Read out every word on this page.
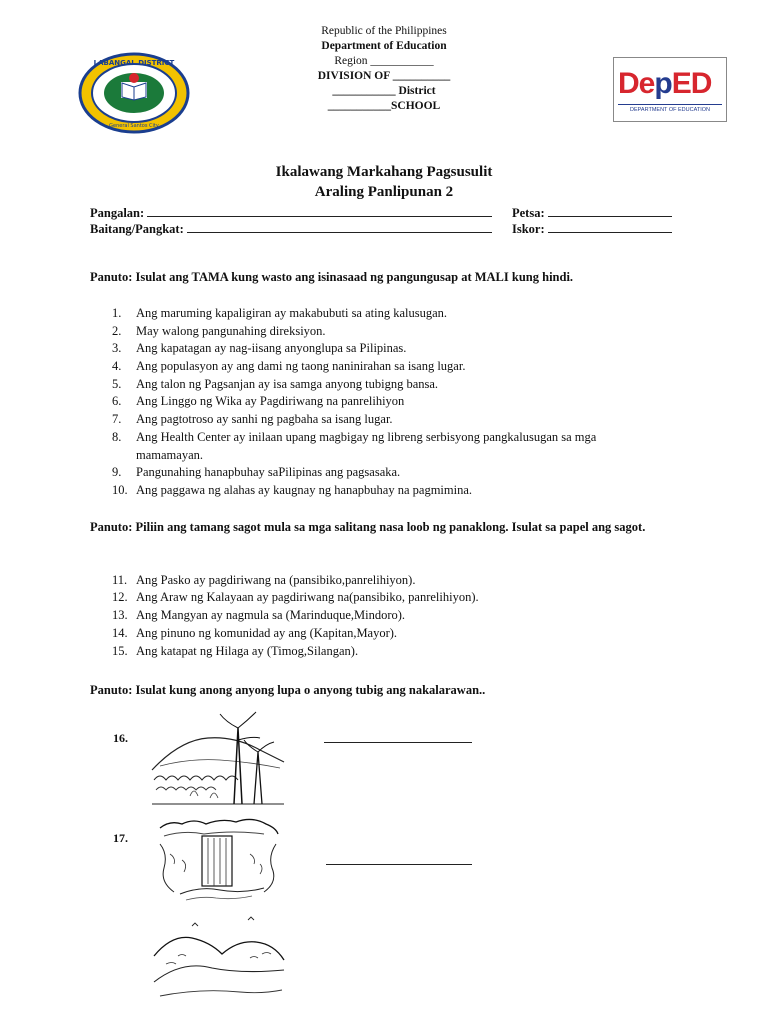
LABANGAL DISTRICT
General Santos City
Republic of the Philippines
Department of Education
Region ___________
DIVISION OF __________
___________ District
___________SCHOOL
DepED
DEPARTMENT OF EDUCATION
Ikalawang Markahang Pagsusulit
Araling Panlipunan 2
Pangalan:	Petsa:
Baitang/Pangkat:	Iskor:
Panuto: Isulat ang TAMA kung wasto ang isinasaad ng pangungusap at MALI kung hindi.
1. Ang maruming kapaligiran ay makabubuti sa ating kalusugan.
2. May walong pangunahing direksiyon.
3. Ang kapatagan ay nag-iisang anyonglupa sa Pilipinas.
4. Ang populasyon ay ang dami ng taong naninirahan sa isang lugar.
5. Ang talon ng Pagsanjan ay isa samga anyong tubigng bansa.
6. Ang Linggo ng Wika ay Pagdiriwang na panrelihiyon
7. Ang pagtotroso ay sanhi ng pagbaha sa isang lugar.
8. Ang Health Center ay inilaan upang magbigay ng libreng serbisyong pangkalusugan sa mga mamamayan.
9. Pangunahing hanapbuhay saPilipinas ang pagsasaka.
10. Ang paggawa ng alahas ay kaugnay ng hanapbuhay na pagmimina.
Panuto: Piliin ang tamang sagot mula sa mga salitang nasa loob ng panaklong. Isulat sa papel ang sagot.
11. Ang Pasko ay pagdiriwang na (pansibiko,panrelihiyon).
12. Ang Araw ng Kalayaan ay pagdiriwang na(pansibiko, panrelihiyon).
13. Ang Mangyan ay nagmula sa (Marinduque,Mindoro).
14. Ang pinuno ng komunidad ay ang (Kapitan,Mayor).
15. Ang katapat ng Hilaga ay (Timog,Silangan).
Panuto: Isulat kung anong anyong lupa o anyong tubig ang nakalarawan..
16.
17.
